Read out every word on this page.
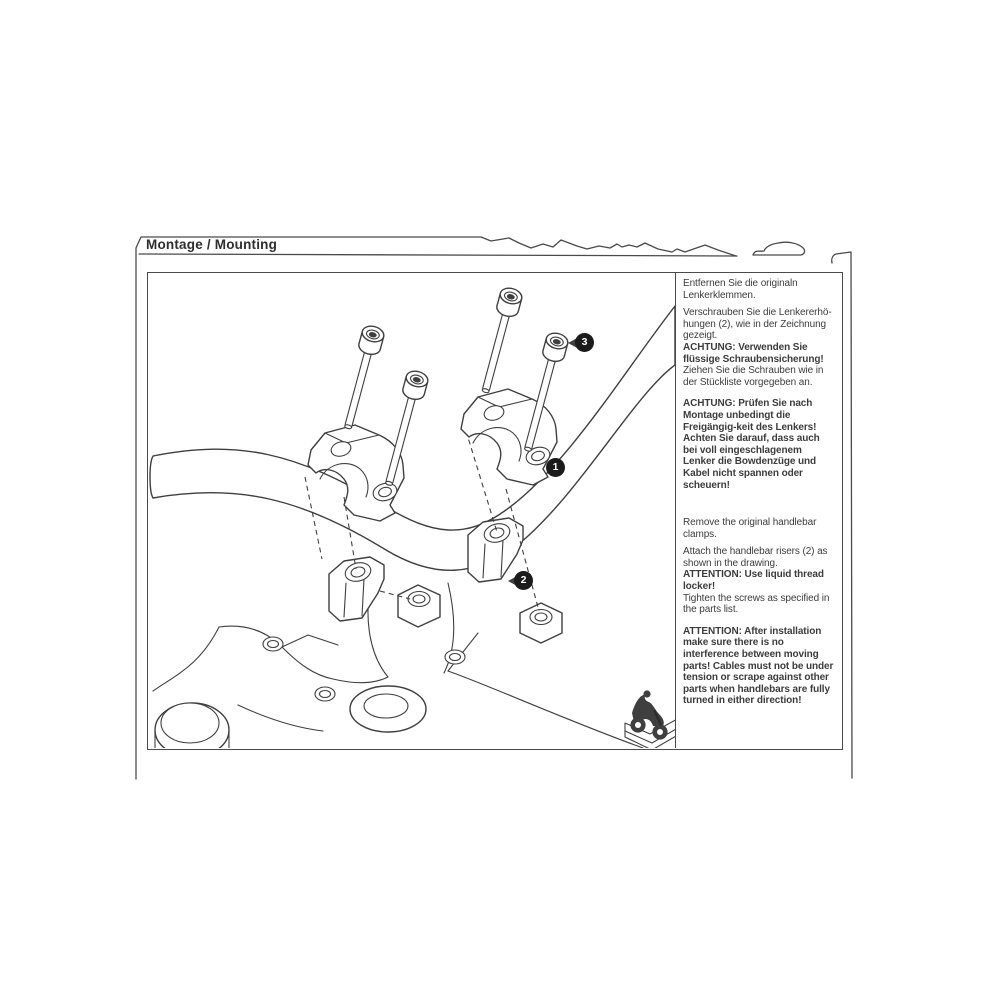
Montage / Mounting
1
2
3

Entfernen Sie die originaln Lenkerklemmen.

Verschrauben Sie die Lenkererhö-hungen (2), wie in der Zeichnung gezeigt.

ACHTUNG: Verwenden Sie flüssige Schraubensicherung!

Ziehen Sie die Schrauben wie in der Stückliste vorgegeben an.

ACHTUNG: Prüfen Sie nach Montage unbedingt die Freigängig-keit des Lenkers! Achten Sie darauf, dass auch bei voll eingeschlagenem Lenker die Bowdenzüge und Kabel nicht spannen oder scheuern!

Remove the original handlebar clamps.

Attach the handlebar risers (2) as shown in the drawing.

ATTENTION: Use liquid thread locker!

Tighten the screws as specified in the parts list.

ATTENTION: After installation make sure there is no interference between moving parts! Cables must not be under tension or scrape against other parts when handlebars are fully turned in either direction!
